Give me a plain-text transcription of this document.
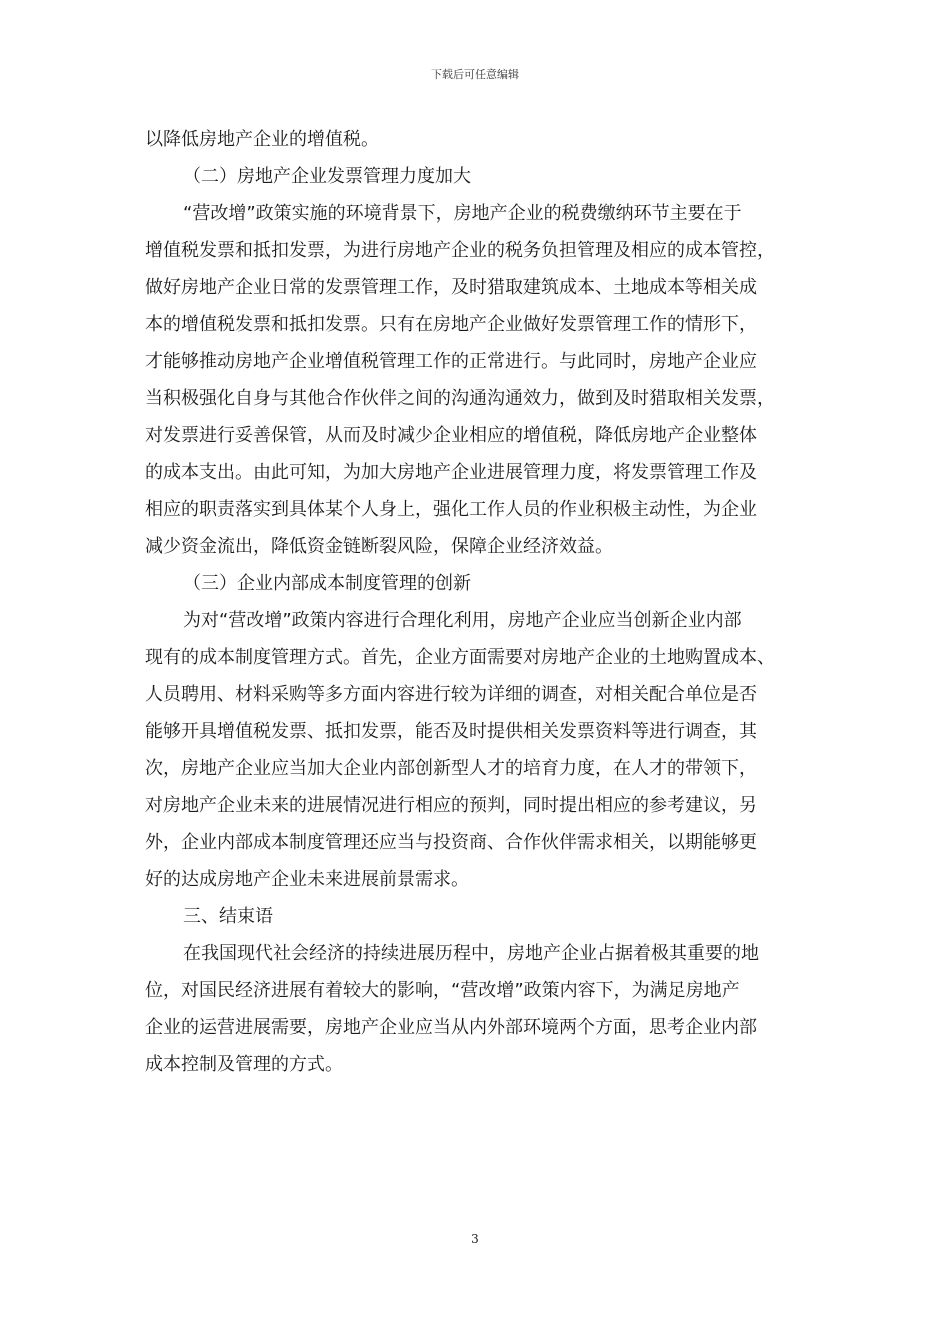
下载后可任意编辑
以降低房地产企业的增值税。
（二）房地产企业发票管理力度加大
“营改增”政策实施的环境背景下，房地产企业的税费缴纳环节主要在于
增值税发票和抵扣发票，为进行房地产企业的税务负担管理及相应的成本管控，
做好房地产企业日常的发票管理工作，及时猎取建筑成本、土地成本等相关成
本的增值税发票和抵扣发票。只有在房地产企业做好发票管理工作的情形下，
才能够推动房地产企业增值税管理工作的正常进行。与此同时，房地产企业应
当积极强化自身与其他合作伙伴之间的沟通沟通效力，做到及时猎取相关发票，
对发票进行妥善保管，从而及时减少企业相应的增值税，降低房地产企业整体
的成本支出。由此可知，为加大房地产企业进展管理力度，将发票管理工作及
相应的职责落实到具体某个人身上，强化工作人员的作业积极主动性，为企业
减少资金流出，降低资金链断裂风险，保障企业经济效益。
（三）企业内部成本制度管理的创新
为对“营改增”政策内容进行合理化利用，房地产企业应当创新企业内部
现有的成本制度管理方式。首先，企业方面需要对房地产企业的土地购置成本、
人员聘用、材料采购等多方面内容进行较为详细的调查，对相关配合单位是否
能够开具增值税发票、抵扣发票，能否及时提供相关发票资料等进行调查，其
次，房地产企业应当加大企业内部创新型人才的培育力度，在人才的带领下，
对房地产企业未来的进展情况进行相应的预判，同时提出相应的参考建议，另
外，企业内部成本制度管理还应当与投资商、合作伙伴需求相关，以期能够更
好的达成房地产企业未来进展前景需求。
三、结束语
在我国现代社会经济的持续进展历程中，房地产企业占据着极其重要的地
位，对国民经济进展有着较大的影响，“营改增”政策内容下，为满足房地产
企业的运营进展需要，房地产企业应当从内外部环境两个方面，思考企业内部
成本控制及管理的方式。
3
